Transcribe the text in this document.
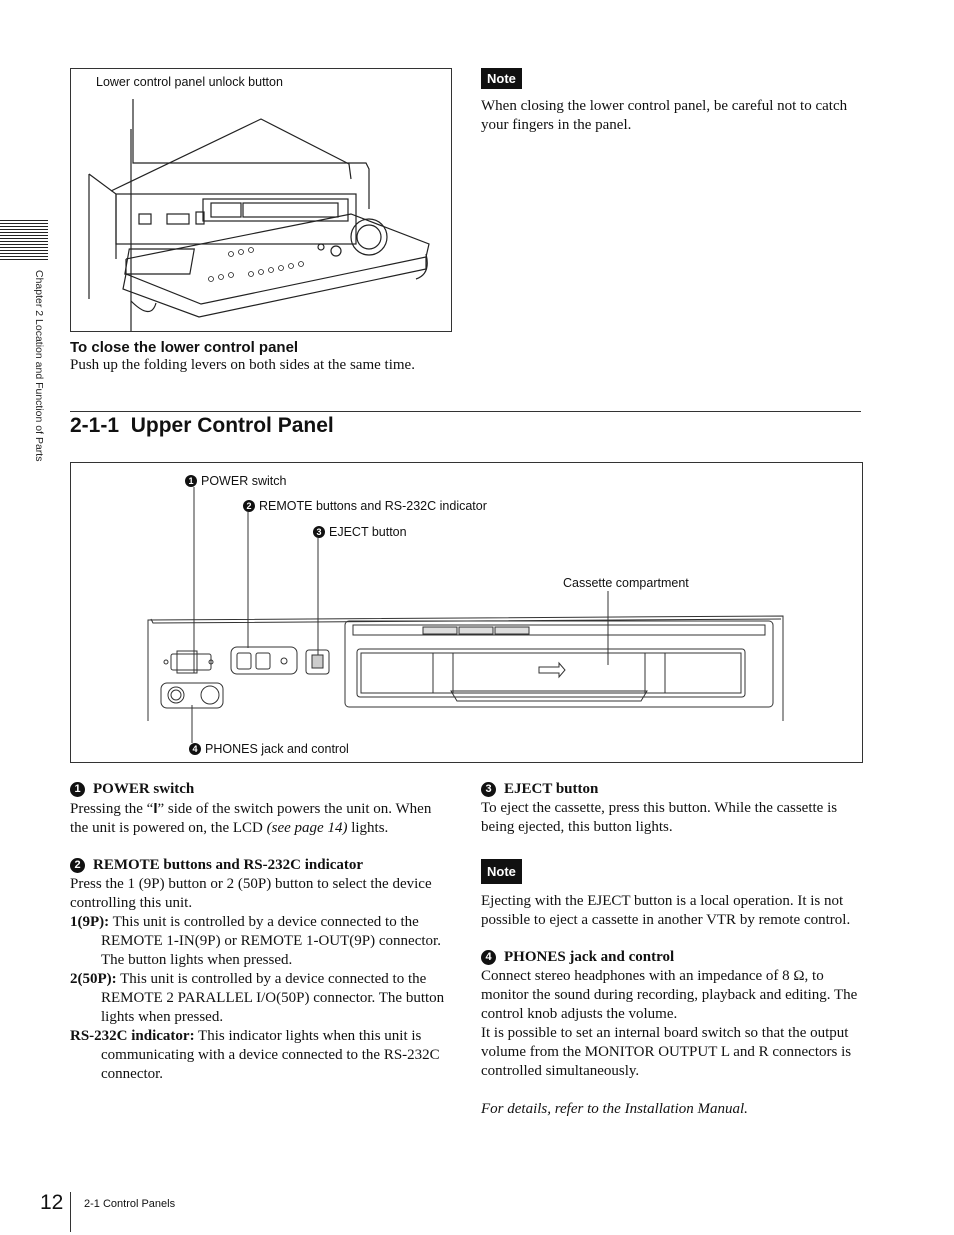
Chapter 2 Location and Function of Parts
Lower control panel unlock button	Note
When closing the lower control panel, be careful not to catch your fingers in the panel.
To close the lower control panel
Push up the folding levers on both sides at the same time.
2-1-1 Upper Control Panel
1 POWER switch
2 REMOTE buttons and RS-232C indicator
3 EJECT button
Cassette compartment
4 PHONES jack and control
1 POWER switch
Pressing the “I” side of the switch powers the unit on. When the unit is powered on, the LCD (see page 14) lights.
2 REMOTE buttons and RS-232C indicator
Press the 1 (9P) button or 2 (50P) button to select the device controlling this unit.
1(9P): This unit is controlled by a device connected to the REMOTE 1-IN(9P) or REMOTE 1-OUT(9P) connector. The button lights when pressed.
2(50P): This unit is controlled by a device connected to the REMOTE 2 PARALLEL I/O(50P) connector. The button lights when pressed.
RS-232C indicator: This indicator lights when this unit is communicating with a device connected to the RS-232C connector.
3 EJECT button
To eject the cassette, press this button. While the cassette is being ejected, this button lights.
Note
Ejecting with the EJECT button is a local operation. It is not possible to eject a cassette in another VTR by remote control.
4 PHONES jack and control
Connect stereo headphones with an impedance of 8 Ω, to monitor the sound during recording, playback and editing. The control knob adjusts the volume.
It is possible to set an internal board switch so that the output volume from the MONITOR OUTPUT L and R connectors is controlled simultaneously.
For details, refer to the Installation Manual.
12 2-1 Control Panels
